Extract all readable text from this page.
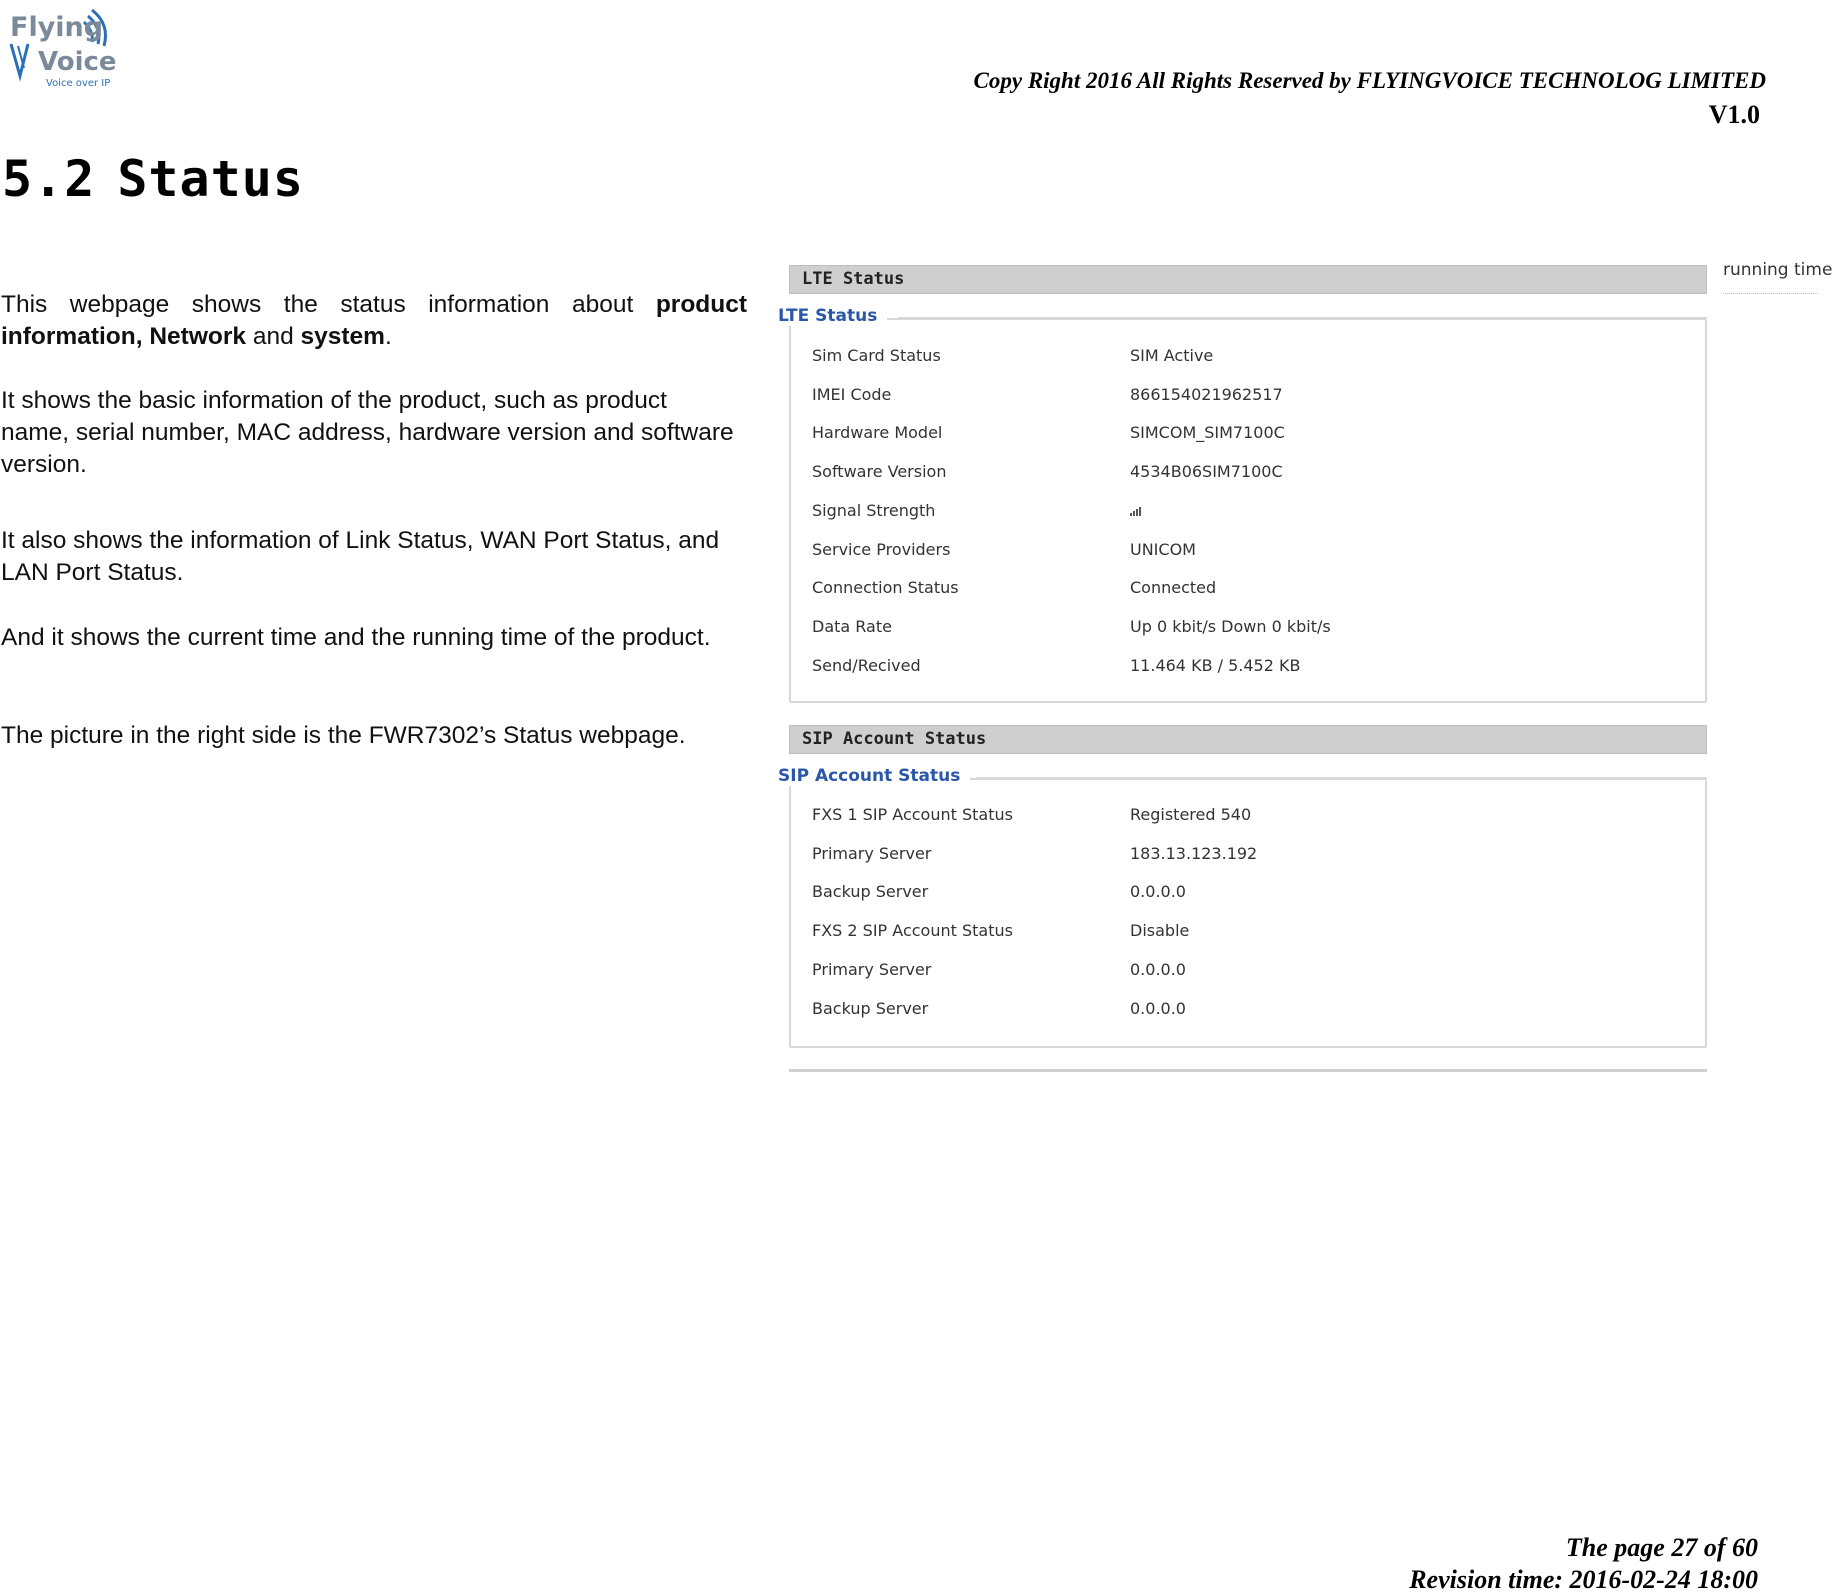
Flying
Voice
Voice over IP	Copy Right 2016 All Rights Reserved by FLYINGVOICE TECHNOLOG LIMITED
V1.0
5.2 Status

This webpage shows the status information about product information, Network and system.

It shows the basic information of the product, such as product name, serial number, MAC address, hardware version and software version.

It also shows the information of Link Status, WAN Port Status, and LAN Port Status.

And it shows the current time and the running time of the product.

The picture in the right side is the FWR7302’s Status webpage.

LTE Status
LTE Status
SIP Account Status
SIP Account Status
Sim Card Status	SIM Active
IMEI Code	866154021962517
Hardware Model	SIMCOM_SIM7100C
Software Version	4534B06SIM7100C
Signal Strength
Service Providers	UNICOM
Connection Status	Connected
Data Rate	Up 0 kbit/s Down 0 kbit/s
Send/Recived	11.464 KB / 5.452 KB
FXS 1 SIP Account Status	Registered 540
Primary Server	183.13.123.192
Backup Server	0.0.0.0
FXS 2 SIP Account Status	Disable
Primary Server	0.0.0.0
Backup Server	0.0.0.0
running time
The page 27 of 60
Revision time: 2016-02-24 18:00
